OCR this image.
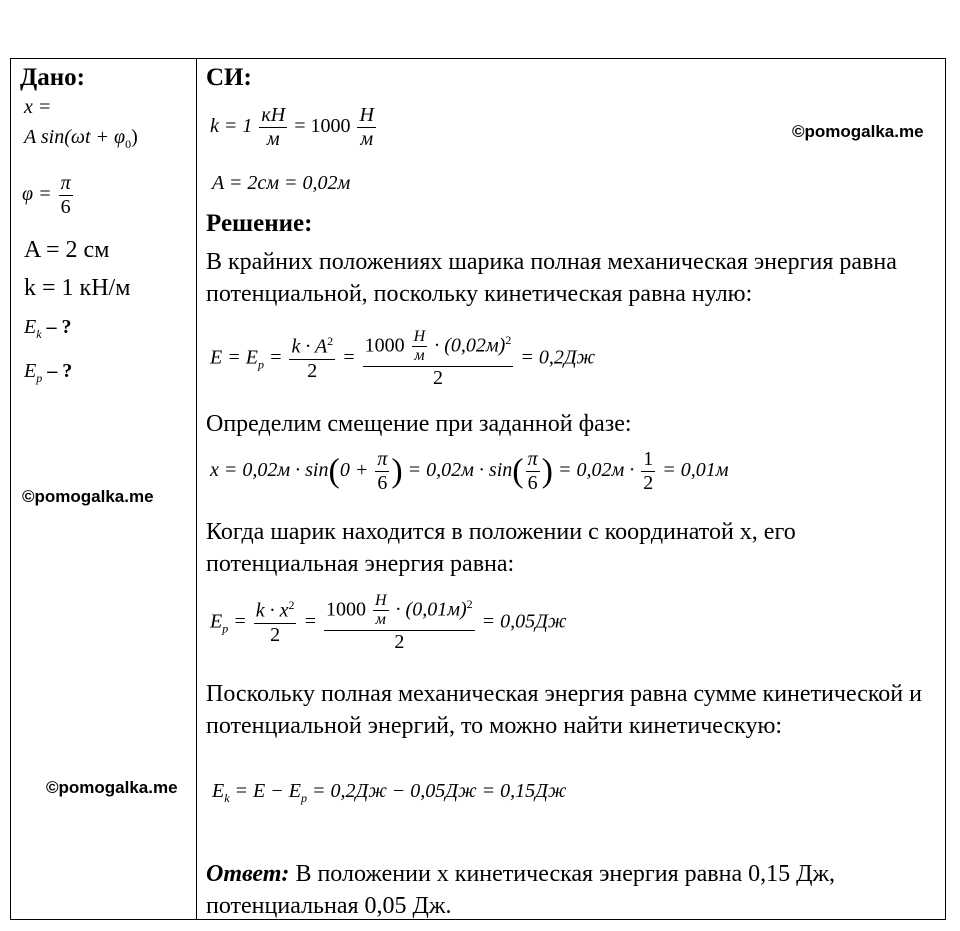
Дано:
x =
A $\sin(\omega t + \varphi_0)$
$\varphi = \frac{\pi}{6}$
A = 2 см
k = 1 кН/м
$E_k$ – ?
$E_p$ – ?
©pomogalka.me
©pomogalka.me
СИ:
$k = 1 \frac{кН}{м} = 1000 \frac{Н}{м}$
A = 2см = 0,02м
©pomogalka.me
Решение:
В крайних положениях шарика полная механическая энергия равна потенциальной, поскольку кинетическая равна нулю:
$E = E_p = \frac{k \cdot A^2}{2} = \frac{1000 \frac{Н}{м} \cdot (0,02м)^2}{2} = 0,2Дж$
Определим смещение при заданной фазе:
$x = 0,02м \cdot \sin(0 + \frac{\pi}{6}$ ) = $0,02м \cdot \sin( \frac{\pi}{6}$ ) = $0,02м \cdot \frac{1}{2} = 0,01м$
Когда шарик находится в положении с координатой х, его потенциальная энергия равна:
$E_p = \frac{k \cdot x^2}{2} = \frac{1000 \frac{Н}{м} \cdot (0,01м)^2}{2} = 0,05Дж$
Поскольку полная механическая энергия равна сумме кинетической и потенциальной энергий, то можно найти кинетическую:
$E_k = E - E_p = 0,2Дж - 0,05Дж = 0,15Дж$
Ответ: В положении х кинетическая энергия равна 0,15 Дж, потенциальная 0,05 Дж.
